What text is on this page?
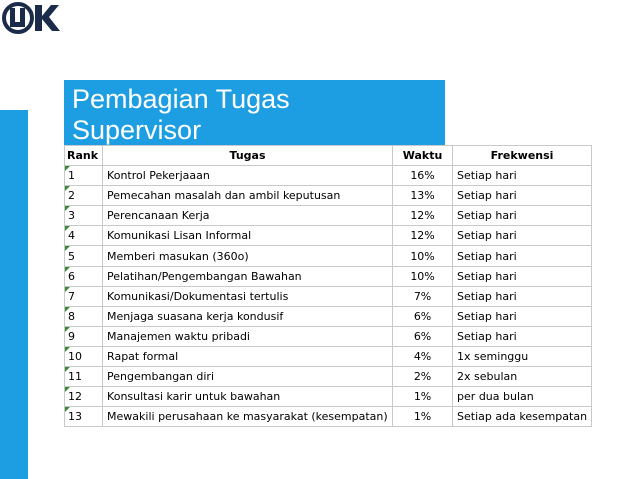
Pembagian Tugas Supervisor
Rank	Tugas	Waktu	Frekwensi
1	Kontrol Pekerjaaan	16%	Setiap hari
2	Pemecahan masalah dan ambil keputusan	13%	Setiap hari
3	Perencanaan Kerja	12%	Setiap hari
4	Komunikasi Lisan Informal	12%	Setiap hari
5	Memberi masukan (360o)	10%	Setiap hari
6	Pelatihan/Pengembangan Bawahan	10%	Setiap hari
7	Komunikasi/Dokumentasi tertulis	7%	Setiap hari
8	Menjaga suasana kerja kondusif	6%	Setiap hari
9	Manajemen waktu pribadi	6%	Setiap hari
10	Rapat formal	4%	1x seminggu
11	Pengembangan diri	2%	2x sebulan
12	Konsultasi karir untuk bawahan	1%	per dua bulan
13	Mewakili perusahaan ke masyarakat (kesempatan)	1%	Setiap ada kesempatan
